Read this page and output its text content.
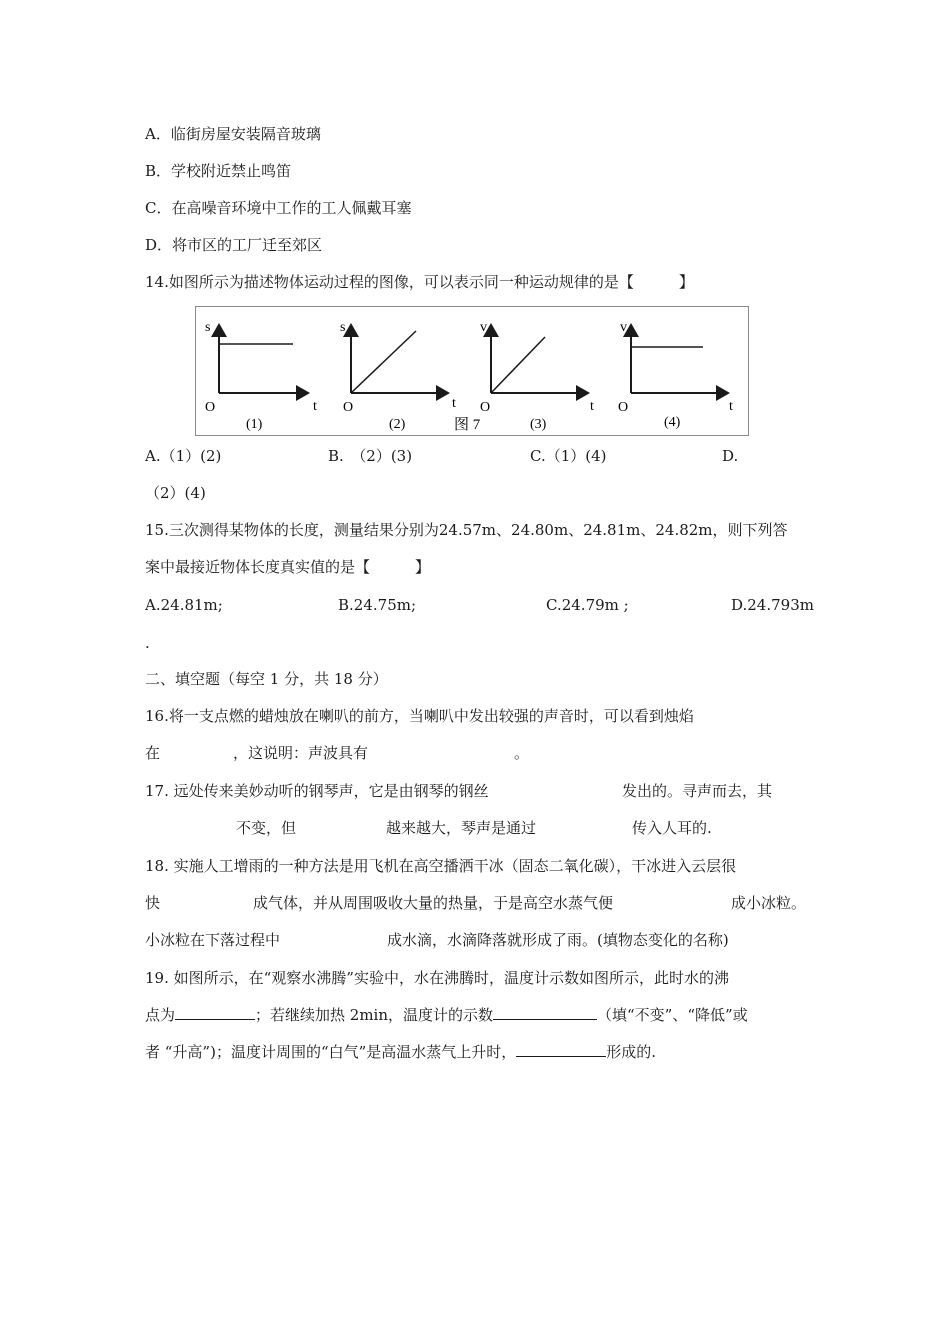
A．临街房屋安装隔音玻璃
B．学校附近禁止鸣笛
C．在高噪音环境中工作的工人佩戴耳塞
D．将市区的工厂迁至郊区
14.如图所示为描述物体运动过程的图像，可以表示同一种运动规律的是【　　　】
s
O	t
(1)
s
O	t
(2)	图 7
v
O	t
(3)
v
O	t
(4)
A.（1）(2)	B.　（2）(3)	C.（1）(4)	D.
（2）(4)
15.三次测得某物体的长度，测量结果分别为24.57m、24.80m、24.81m、24.82m，则下列答
案中最接近物体长度真实值的是【　　　】
A.24.81m;	B.24.75m;	C.24.79m ;	D.24.793m
.
二、填空题（每空 1 分，共 18 分）
16.将一支点燃的蜡烛放在喇叭的前方，当喇叭中发出较强的声音时，可以看到烛焰
在	，这说明：声波具有	。
17. 远处传来美妙动听的钢琴声，它是由钢琴的钢丝	发出的。寻声而去，其
不变，但	越来越大，琴声是通过	传入人耳的.
18. 实施人工增雨的一种方法是用飞机在高空播洒干冰（固态二氧化碳），干冰进入云层很
快	成气体，并从周围吸收大量的热量，于是高空水蒸气便	成小冰粒。
小冰粒在下落过程中	成水滴，水滴降落就形成了雨。(填物态变化的名称)
19. 如图所示，在“观察水沸腾”实验中，水在沸腾时，温度计示数如图所示，此时水的沸
点为	；若继续加热 2min，温度计的示数	（填“不变”、“降低”或
者 “升高”)；温度计周围的“白气”是高温水蒸气上升时，	形成的.
